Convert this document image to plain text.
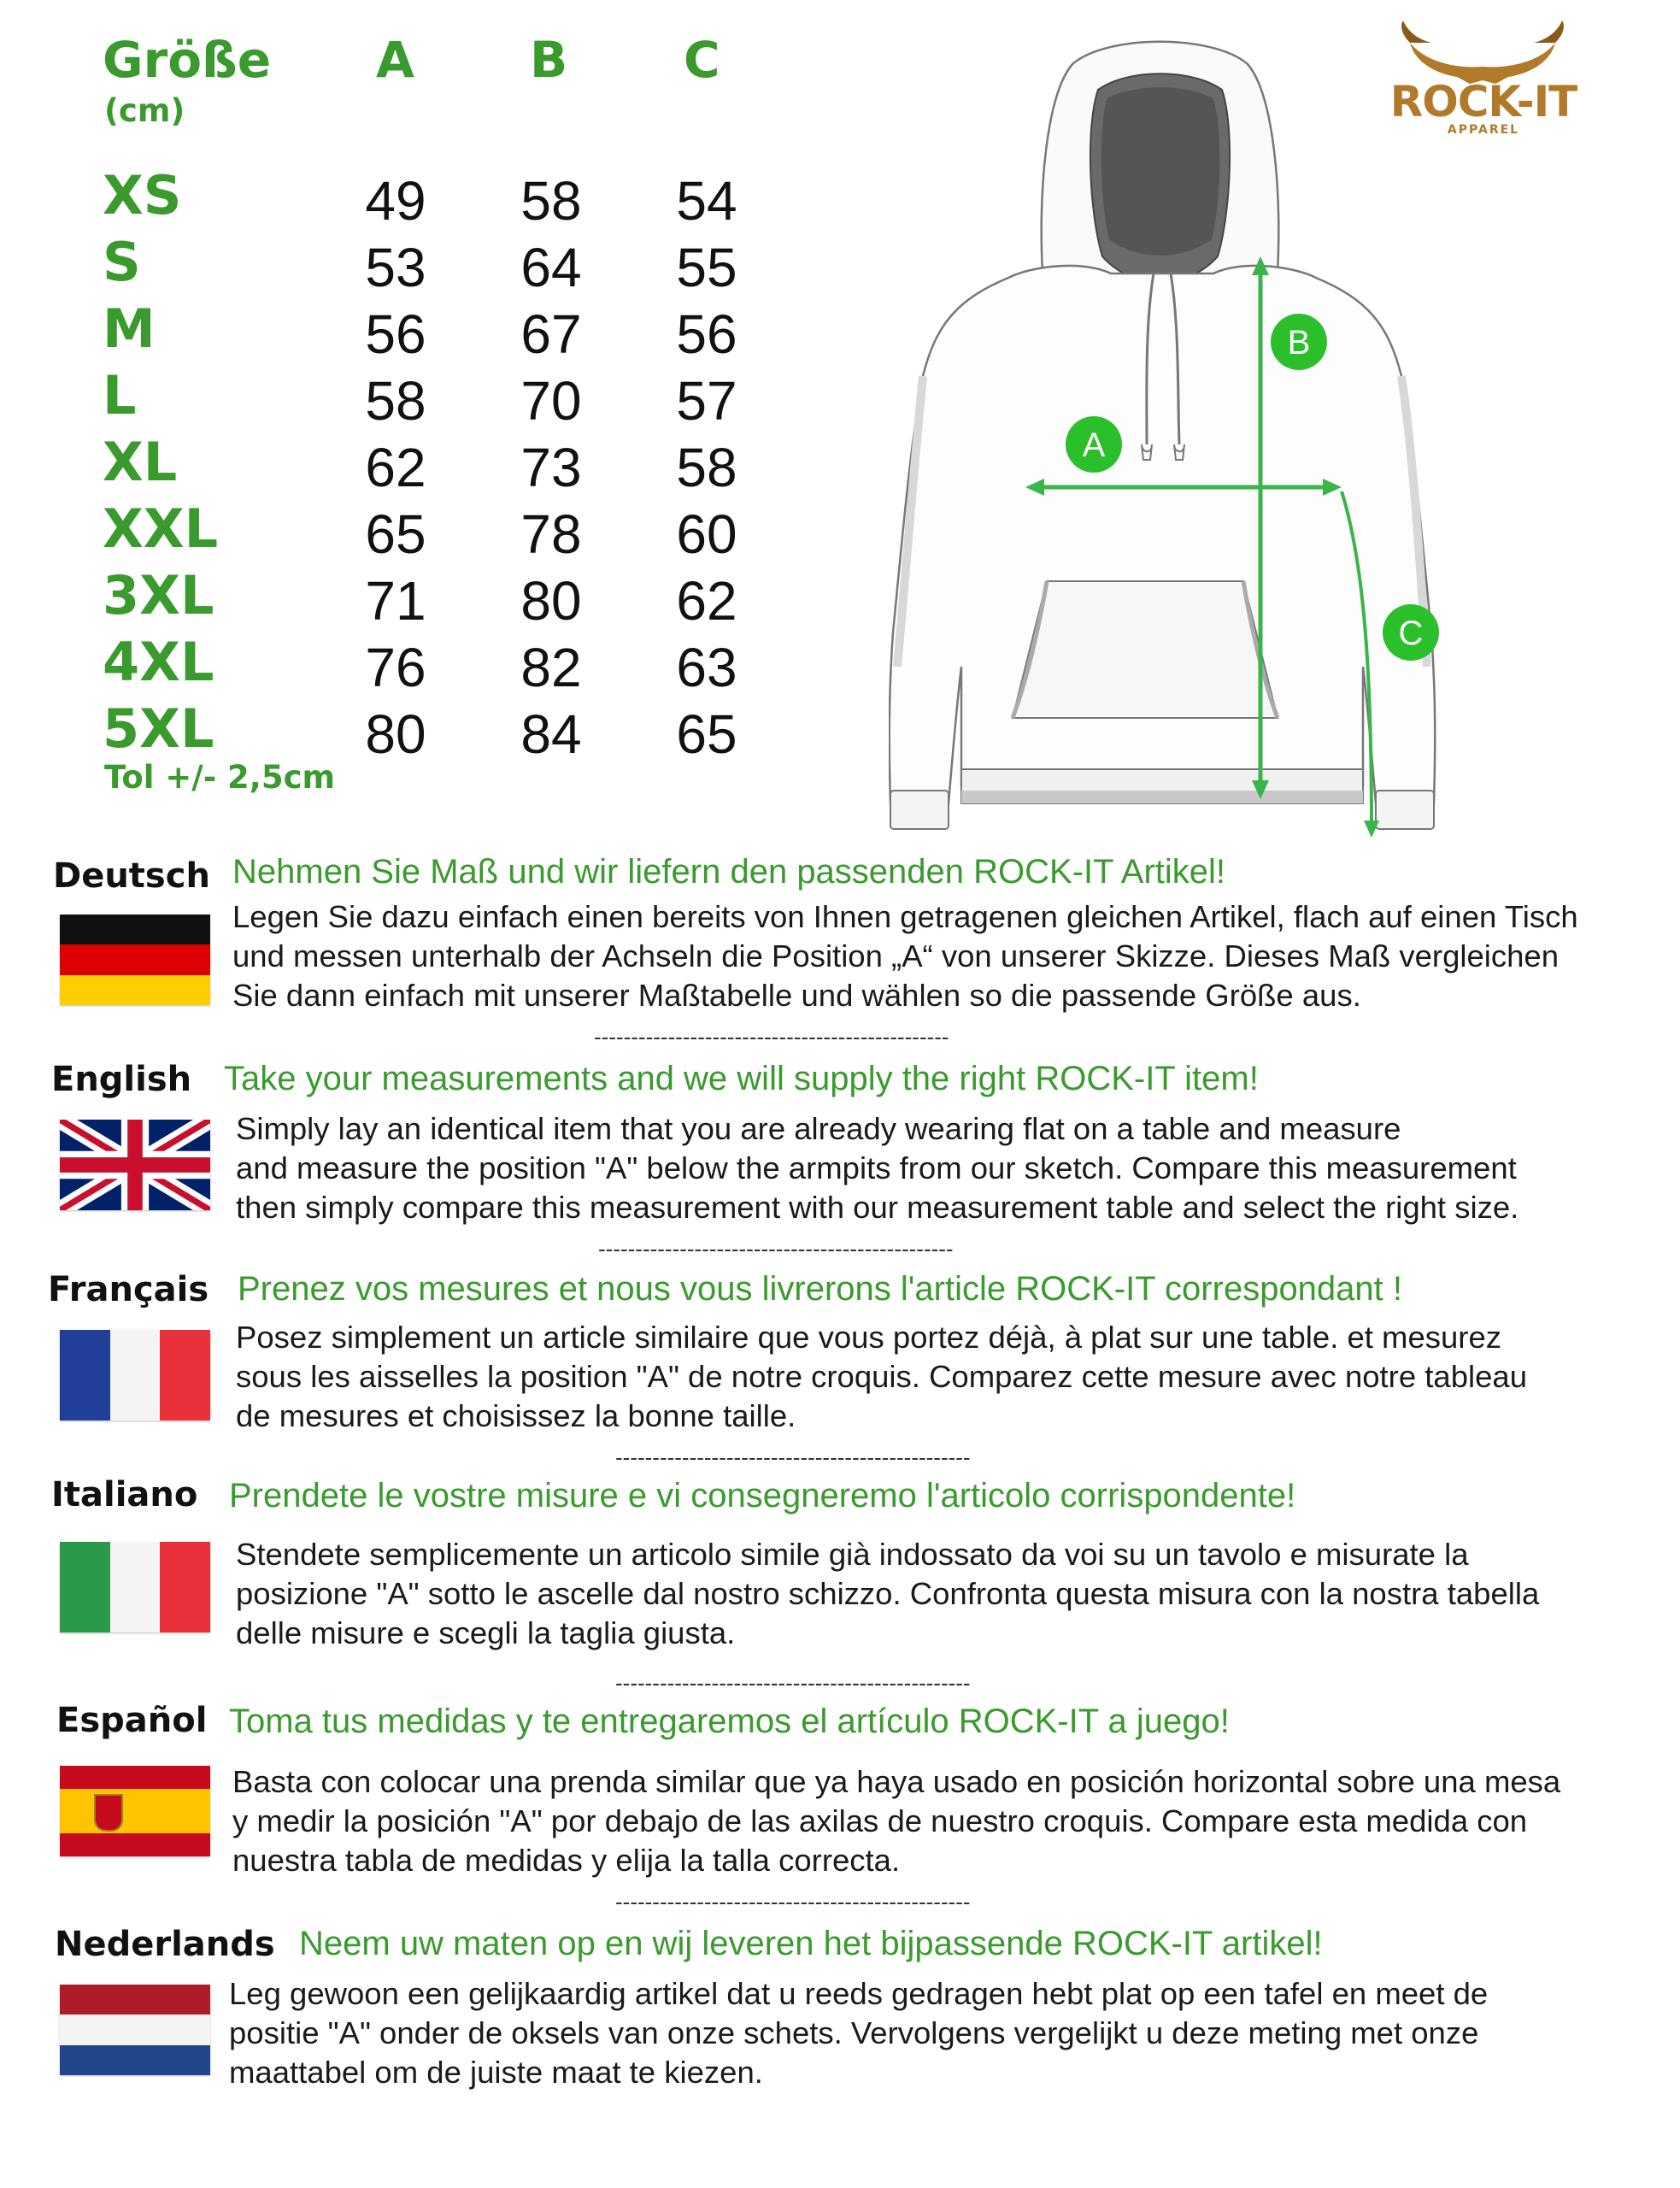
Größe
(cm)
A B C
XS	49	58	54
S	53	64	55
M	56	67	56
L	58	70	57
XL	62	73	58
XXL	65	78	60
3XL	71	80	62
4XL	76	82	63
5XL	80	84	65
Tol +/- 2,5cm
A
B
C
ROCK-IT
APPAREL
Deutsch Nehmen Sie Maß und wir liefern den passenden ROCK-IT Artikel!
Legen Sie dazu einfach einen bereits von Ihnen getragenen gleichen Artikel, flach auf einen Tisch
und messen unterhalb der Achseln die Position „A“ von unserer Skizze. Dieses Maß vergleichen
Sie dann einfach mit unserer Maßtabelle und wählen so die passende Größe aus.
------------------------------------------------
English Take your measurements and we will supply the right ROCK-IT item!
Simply lay an identical item that you are already wearing flat on a table and measure
and measure the position "A" below the armpits from our sketch. Compare this measurement
then simply compare this measurement with our measurement table and select the right size.
------------------------------------------------
Français Prenez vos mesures et nous vous livrerons l'article ROCK-IT correspondant !
Posez simplement un article similaire que vous portez déjà, à plat sur une table. et mesurez
sous les aisselles la position "A" de notre croquis. Comparez cette mesure avec notre tableau
de mesures et choisissez la bonne taille.
------------------------------------------------
Italiano Prendete le vostre misure e vi consegneremo l'articolo corrispondente!
Stendete semplicemente un articolo simile già indossato da voi su un tavolo e misurate la
posizione "A" sotto le ascelle dal nostro schizzo. Confronta questa misura con la nostra tabella
delle misure e scegli la taglia giusta.
------------------------------------------------
Español Toma tus medidas y te entregaremos el artículo ROCK-IT a juego!
Basta con colocar una prenda similar que ya haya usado en posición horizontal sobre una mesa
y medir la posición "A" por debajo de las axilas de nuestro croquis. Compare esta medida con
nuestra tabla de medidas y elija la talla correcta.
------------------------------------------------
Nederlands Neem uw maten op en wij leveren het bijpassende ROCK-IT artikel!
Leg gewoon een gelijkaardig artikel dat u reeds gedragen hebt plat op een tafel en meet de
positie "A" onder de oksels van onze schets. Vervolgens vergelijkt u deze meting met onze
maattabel om de juiste maat te kiezen.
